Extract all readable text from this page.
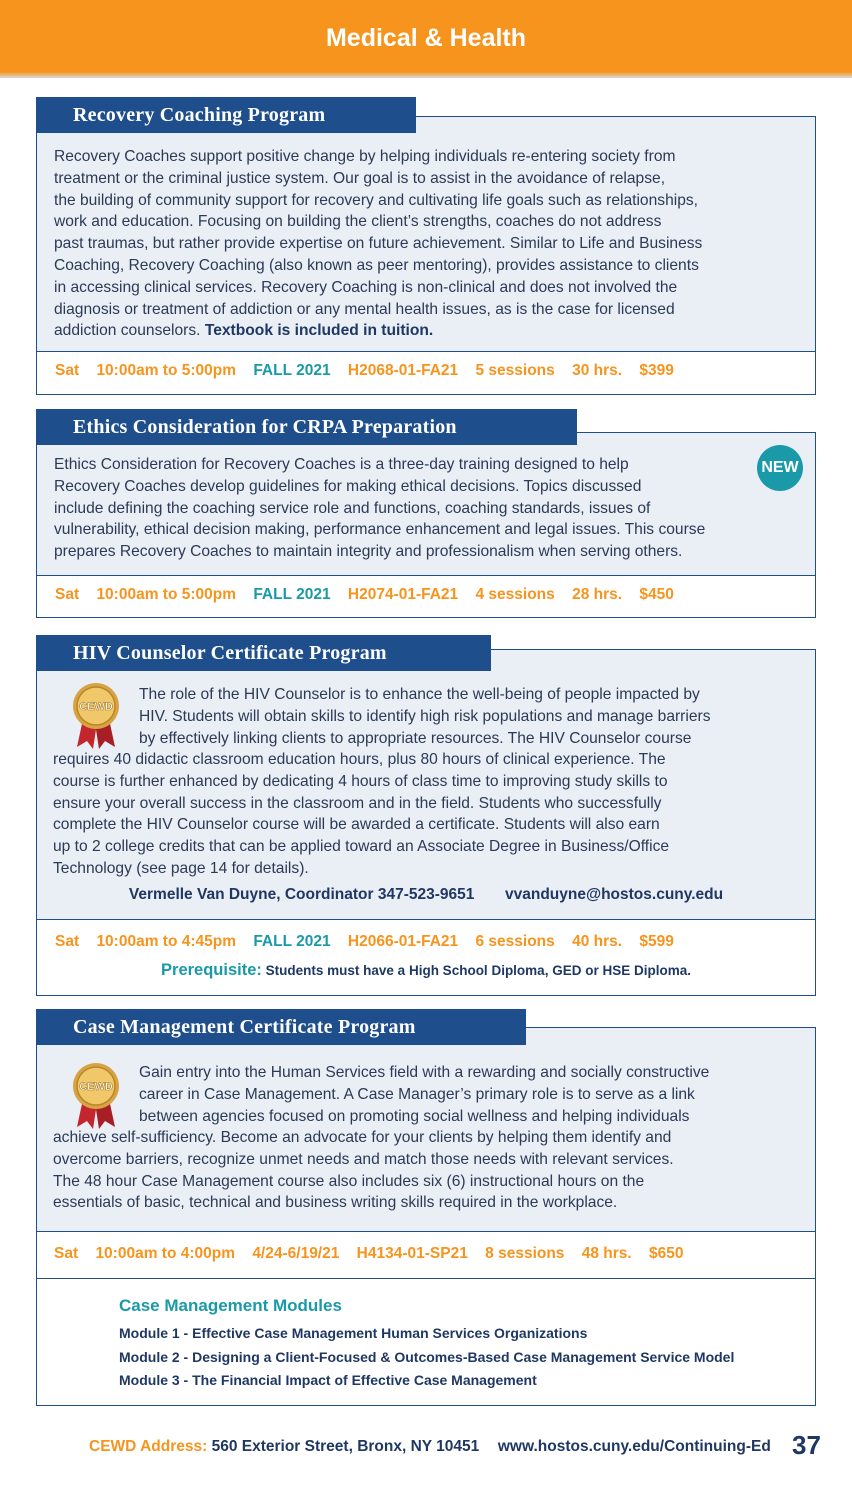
Medical & Health

Recovery Coaches support positive change by helping individuals re-entering society from

treatment or the criminal justice system. Our goal is to assist in the avoidance of relapse,

the building of community support for recovery and cultivating life goals such as relationships,

work and education. Focusing on building the client’s strengths, coaches do not address

past traumas, but rather provide expertise on future achievement. Similar to Life and Business

Coaching, Recovery Coaching (also known as peer mentoring), provides assistance to clients

in accessing clinical services. Recovery Coaching is non-clinical and does not involved the

diagnosis or treatment of addiction or any mental health issues, as is the case for licensed

addiction counselors. Textbook is included in tuition.

Sat 10:00am to 5:00pm FALL 2021 H2068-01-FA21 5 sessions 30 hrs. $399
Recovery Coaching Program

Ethics Consideration for Recovery Coaches is a three-day training designed to help

Recovery Coaches develop guidelines for making ethical decisions. Topics discussed

include defining the coaching service role and functions, coaching standards, issues of

vulnerability, ethical decision making, performance enhancement and legal issues. This course

prepares Recovery Coaches to maintain integrity and professionalism when serving others.

NEW
Sat 10:00am to 5:00pm FALL 2021 H2074-01-FA21 4 sessions 28 hrs. $450
Ethics Consideration for CRPA Preparation
CEWD

The role of the HIV Counselor is to enhance the well-being of people impacted by

HIV. Students will obtain skills to identify high risk populations and manage barriers

by effectively linking clients to appropriate resources. The HIV Counselor course

requires 40 didactic classroom education hours, plus 80 hours of clinical experience. The

course is further enhanced by dedicating 4 hours of class time to improving study skills to

ensure your overall success in the classroom and in the field. Students who successfully

complete the HIV Counselor course will be awarded a certificate. Students will also earn

up to 2 college credits that can be applied toward an Associate Degree in Business/Office

Technology (see page 14 for details).

Vermelle Van Duyne, Coordinator 347-523-9651 vvanduyne@hostos.cuny.edu
Sat 10:00am to 4:45pm FALL 2021 H2066-01-FA21 6 sessions 40 hrs. $599
Prerequisite: Students must have a High School Diploma, GED or HSE Diploma.
HIV Counselor Certificate Program
CEWD

Gain entry into the Human Services field with a rewarding and socially constructive

career in Case Management. A Case Manager’s primary role is to serve as a link

between agencies focused on promoting social wellness and helping individuals

achieve self-sufficiency. Become an advocate for your clients by helping them identify and

overcome barriers, recognize unmet needs and match those needs with relevant services.

The 48 hour Case Management course also includes six (6) instructional hours on the

essentials of basic, technical and business writing skills required in the workplace.

Sat 10:00am to 4:00pm 4/24-6/19/21 H4134-01-SP21 8 sessions 48 hrs. $650
Case Management Modules
Module 1 - Effective Case Management Human Services Organizations
Module 2 - Designing a Client-Focused & Outcomes-Based Case Management Service Model
Module 3 - The Financial Impact of Effective Case Management
Case Management Certificate Program
CEWD Address: 560 Exterior Street, Bronx, NY 10451 www.hostos.cuny.edu/Continuing-Ed 37
